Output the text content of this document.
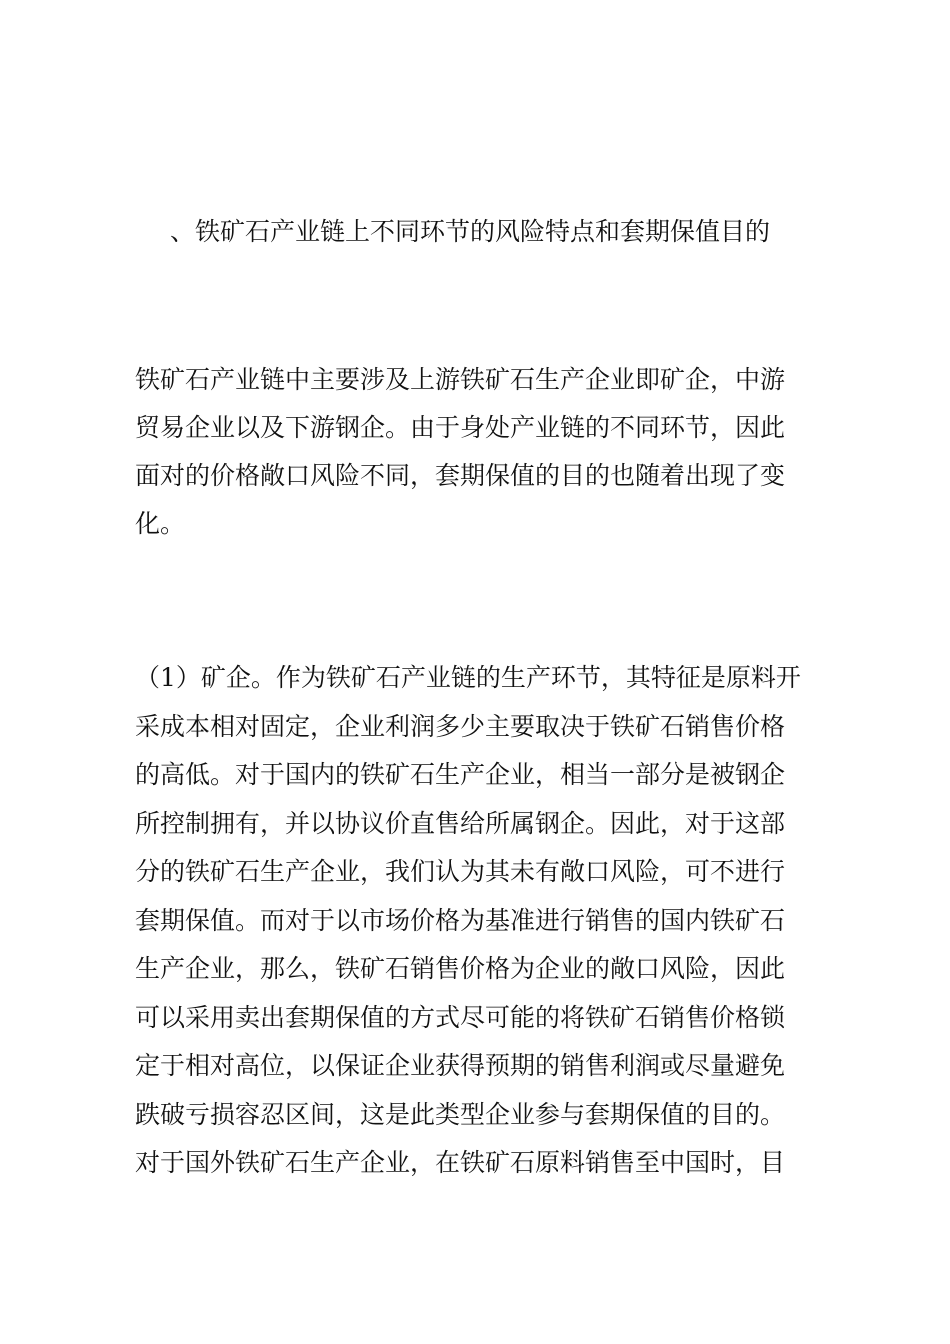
、铁矿石产业链上不同环节的风险特点和套期保值目的

铁矿石产业链中主要涉及上游铁矿石生产企业即矿企，中游
贸易企业以及下游钢企。由于身处产业链的不同环节，因此
面对的价格敞口风险不同，套期保值的目的也随着出现了变
化。

（1）矿企。作为铁矿石产业链的生产环节，其特征是原料开
采成本相对固定，企业利润多少主要取决于铁矿石销售价格
的高低。对于国内的铁矿石生产企业，相当一部分是被钢企
所控制拥有，并以协议价直售给所属钢企。因此，对于这部
分的铁矿石生产企业，我们认为其未有敞口风险，可不进行
套期保值。而对于以市场价格为基准进行销售的国内铁矿石
生产企业，那么，铁矿石销售价格为企业的敞口风险，因此
可以采用卖出套期保值的方式尽可能的将铁矿石销售价格锁
定于相对高位，以保证企业获得预期的销售利润或尽量避免
跌破亏损容忍区间，这是此类型企业参与套期保值的目的。
对于国外铁矿石生产企业，在铁矿石原料销售至中国时，目
